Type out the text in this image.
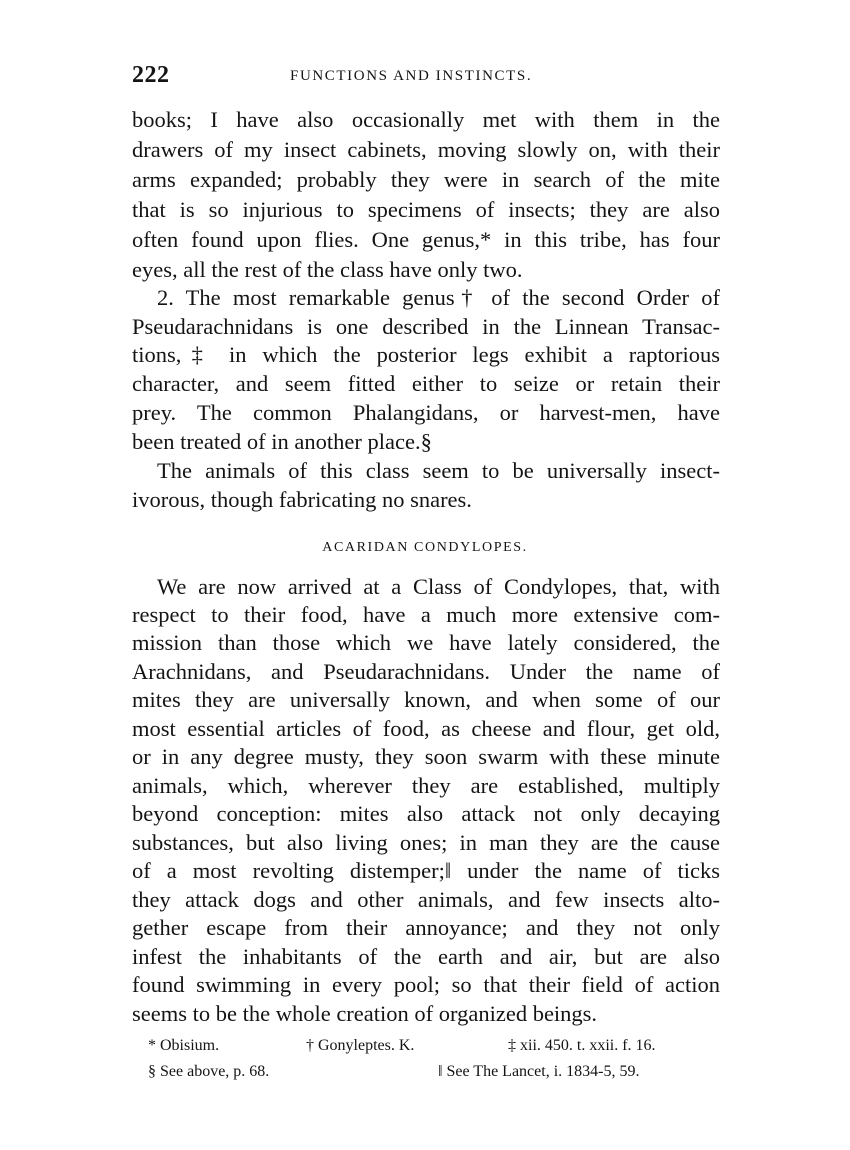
222	FUNCTIONS AND INSTINCTS.
books; I have also occasionally met with them in the
drawers of my insect cabinets, moving slowly on, with their
arms expanded; probably they were in search of the mite
that is so injurious to specimens of insects; they are also
often found upon flies. One genus,* in this tribe, has four
eyes, all the rest of the class have only two.
2. The most remarkable genus† of the second Order of
Pseudarachnidans is one described in the Linnean Transac-
tions,‡ in which the posterior legs exhibit a raptorious
character, and seem fitted either to seize or retain their
prey. The common Phalangidans, or harvest-men, have
been treated of in another place.§
The animals of this class seem to be universally insect-
ivorous, though fabricating no snares.
ACARIDAN CONDYLOPES.
We are now arrived at a Class of Condylopes, that, with
respect to their food, have a much more extensive com-
mission than those which we have lately considered, the
Arachnidans, and Pseudarachnidans. Under the name of
mites they are universally known, and when some of our
most essential articles of food, as cheese and flour, get old,
or in any degree musty, they soon swarm with these minute
animals, which, wherever they are established, multiply
beyond conception: mites also attack not only decaying
substances, but also living ones; in man they are the cause
of a most revolting distemper;‖ under the name of ticks
they attack dogs and other animals, and few insects alto-
gether escape from their annoyance; and they not only
infest the inhabitants of the earth and air, but are also
found swimming in every pool; so that their field of action
seems to be the whole creation of organized beings.
* Obisium.	† Gonyleptes. K.	‡ xii. 450. t. xxii. f. 16.
§ See above, p. 68.	‖ See The Lancet, i. 1834-5, 59.
